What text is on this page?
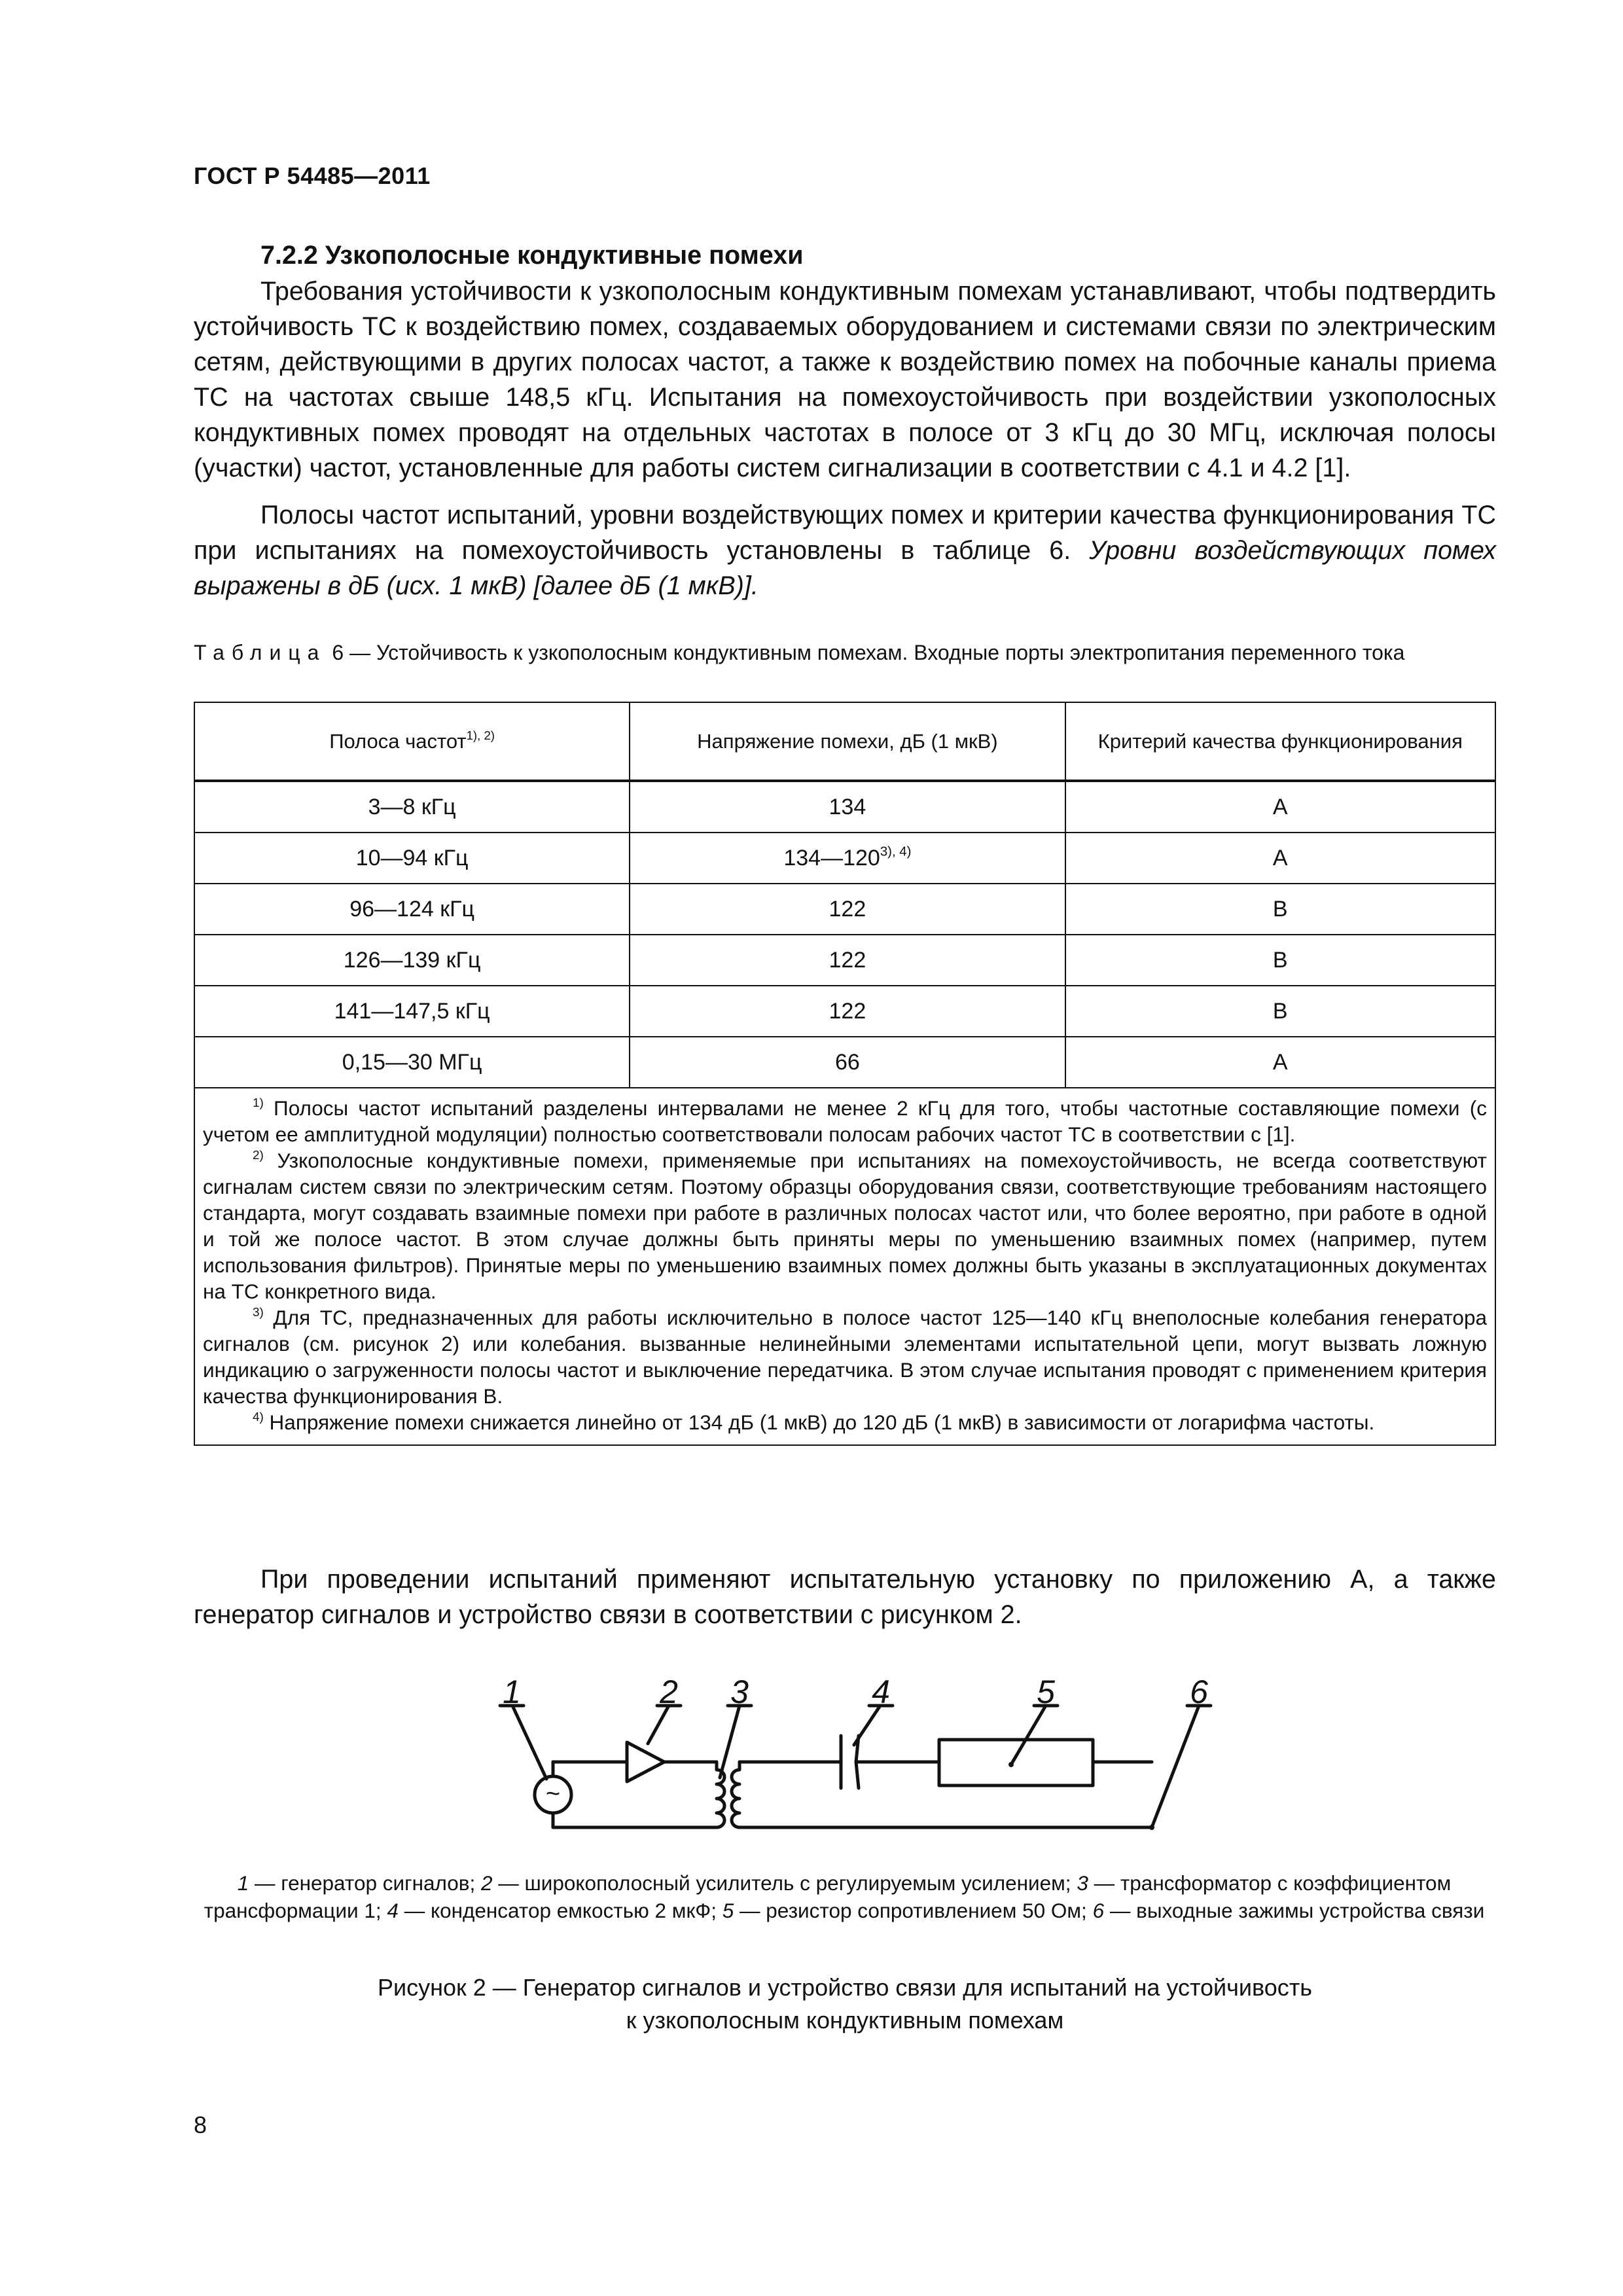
ГОСТ Р 54485—2011
7.2.2 Узкополосные кондуктивные помехи
Требования устойчивости к узкополосным кондуктивным помехам устанавливают, чтобы подтвердить устойчивость ТС к воздействию помех, создаваемых оборудованием и системами связи по электрическим сетям, действующими в других полосах частот, а также к воздействию помех на побочные каналы приема ТС на частотах свыше 148,5 кГц. Испытания на помехоустойчивость при воздействии узкополосных кондуктивных помех проводят на отдельных частотах в полосе от 3 кГц до 30 МГц, исключая полосы (участки) частот, установленные для работы систем сигнализации в соответствии с 4.1 и 4.2 [1].
Полосы частот испытаний, уровни воздействующих помех и критерии качества функционирования ТС при испытаниях на помехоустойчивость установлены в таблице 6. Уровни воздействующих помех выражены в дБ (исх. 1 мкВ) [далее дБ (1 мкВ)].
Таблица 6 — Устойчивость к узкополосным кондуктивным помехам. Входные порты электропитания переменного тока
Полоса частот$^{1), 2)}$	Напряжение помехи, дБ (1 мкВ)	Критерий качества функционирования
3—8 кГц	134	А
10—94 кГц	$134—120^{3), 4)}$	А
96—124 кГц	122	В
126—139 кГц	122	В
141—147,5 кГц	122	В
0,15—30 МГц	66	А

$^{1)}$ Полосы частот испытаний разделены интервалами не менее 2 кГц для того, чтобы частотные составляющие помехи (с учетом ее амплитудной модуляции) полностью соответствовали полосам рабочих частот ТС в соответствии с [1].
$^{2)}$ Узкополосные кондуктивные помехи, применяемые при испытаниях на помехоустойчивость, не всегда соответствуют сигналам систем связи по электрическим сетям. Поэтому образцы оборудования связи, соответствующие требованиям настоящего стандарта, могут создавать взаимные помехи при работе в различных полосах частот или, что более вероятно, при работе в одной и той же полосе частот. В этом случае должны быть приняты меры по уменьшению взаимных помех (например, путем использования фильтров). Принятые меры по уменьшению взаимных помех должны быть указаны в эксплуатационных документах на ТС конкретного вида.
$^{3)}$ Для ТС, предназначенных для работы исключительно в полосе частот 125—140 кГц внеполосные колебания генератора сигналов (см. рисунок 2) или колебания. вызванные нелинейными элементами испытательной цепи, могут вызвать ложную индикацию о загруженности полосы частот и выключение передатчика. В этом случае испытания проводят с применением критерия качества функционирования В.
$^{4)}$ Напряжение помехи снижается линейно от 134 дБ (1 мкВ) до 120 дБ (1 мкВ) в зависимости от логарифма частоты.		
При проведении испытаний применяют испытательную установку по приложению А, а также генератор сигналов и устройство связи в соответствии с рисунком 2.
~
1	2 3	4	5	6
1 — генератор сигналов; 2 — широкополосный усилитель с регулируемым усилением; 3 — трансформатор с коэффициентом трансформации 1; 4 — конденсатор емкостью 2 мкФ; 5 — резистор сопротивлением 50 Ом; 6 — выходные зажимы устройства связи
Рисунок 2 — Генератор сигналов и устройство связи для испытаний на устойчивость
к узкополосным кондуктивным помехам
8
